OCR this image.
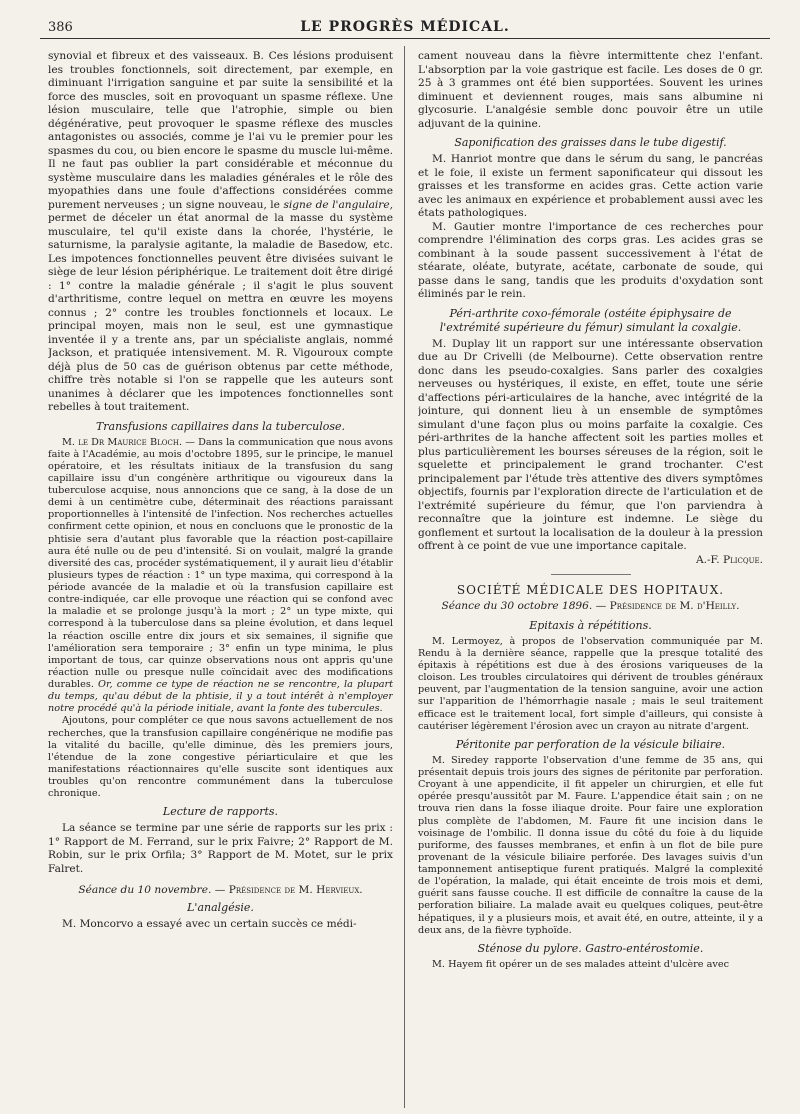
386	LE PROGRÈS MÉDICAL.

synovial et fibreux et des vaisseaux. B. Ces lésions produisent les troubles fonctionnels, soit directement, par exemple, en diminuant l'irrigation sanguine et par suite la sensibilité et la force des muscles, soit en provoquant un spasme réflexe. Une lésion musculaire, telle que l'atrophie, simple ou bien dégénérative, peut provoquer le spasme réflexe des muscles antagonistes ou associés, comme je l'ai vu le premier pour les spasmes du cou, ou bien encore le spasme du muscle lui-même. Il ne faut pas oublier la part considérable et méconnue du système musculaire dans les maladies générales et le rôle des myopathies dans une foule d'affections considérées comme purement nerveuses ; un signe nouveau, le signe de l'angulaire, permet de déceler un état anormal de la masse du système musculaire, tel qu'il existe dans la chorée, l'hystérie, le saturnisme, la paralysie agitante, la maladie de Basedow, etc. Les impotences fonctionnelles peuvent être divisées suivant le siège de leur lésion périphérique. Le traitement doit être dirigé : 1° contre la maladie générale ; il s'agit le plus souvent d'arthritisme, contre lequel on mettra en œuvre les moyens connus ; 2° contre les troubles fonctionnels et locaux. Le principal moyen, mais non le seul, est une gymnastique inventée il y a trente ans, par un spécialiste anglais, nommé Jackson, et pratiquée intensivement. M. R. Vigouroux compte déjà plus de 50 cas de guérison obtenus par cette méthode, chiffre très notable si l'on se rappelle que les auteurs sont unanimes à déclarer que les impotences fonctionnelles sont rebelles à tout traitement.

Transfusions capillaires dans la tuberculose.

M. le Dr Maurice Bloch. — Dans la communication que nous avons faite à l'Académie, au mois d'octobre 1895, sur le principe, le manuel opératoire, et les résultats initiaux de la transfusion du sang capillaire issu d'un congénère arthritique ou vigoureux dans la tuberculose acquise, nous annoncions que ce sang, à la dose de un demi à un centimètre cube, déterminait des réactions paraissant proportionnelles à l'intensité de l'infection. Nos recherches actuelles confirment cette opinion, et nous en concluons que le pronostic de la phtisie sera d'autant plus favorable que la réaction post-capillaire aura été nulle ou de peu d'intensité. Si on voulait, malgré la grande diversité des cas, procéder systématiquement, il y aurait lieu d'établir plusieurs types de réaction : 1° un type maxima, qui correspond à la période avancée de la maladie et où la transfusion capillaire est contre-indiquée, car elle provoque une réaction qui se confond avec la maladie et se prolonge jusqu'à la mort ; 2° un type mixte, qui correspond à la tuberculose dans sa pleine évolution, et dans lequel la réaction oscille entre dix jours et six semaines, il signifie que l'amélioration sera temporaire ; 3° enfin un type minima, le plus important de tous, car quinze observations nous ont appris qu'une réaction nulle ou presque nulle coïncidait avec des modifications durables. Or, comme ce type de réaction ne se rencontre, la plupart du temps, qu'au début de la phtisie, il y a tout intérêt à n'employer notre procédé qu'à la période initiale, avant la fonte des tubercules.

Ajoutons, pour compléter ce que nous savons actuellement de nos recherches, que la transfusion capillaire congénérique ne modifie pas la vitalité du bacille, qu'elle diminue, dès les premiers jours, l'étendue de la zone congestive périarticulaire et que les manifestations réactionnaires qu'elle suscite sont identiques aux troubles qu'on rencontre communément dans la tuberculose chronique.

Lecture de rapports.

La séance se termine par une série de rapports sur les prix : 1° Rapport de M. Ferrand, sur le prix Faivre; 2° Rapport de M. Robin, sur le prix Orfila; 3° Rapport de M. Motet, sur le prix Falret.

Séance du 10 novembre. — Présidence de M. Hervieux.
L'analgésie.

M. Moncorvo a essayé avec un certain succès ce médi-

cament nouveau dans la fièvre intermittente chez l'enfant. L'absorption par la voie gastrique est facile. Les doses de 0 gr. 25 à 3 grammes ont été bien supportées. Souvent les urines diminuent et deviennent rouges, mais sans albumine ni glycosurie. L'analgésie semble donc pouvoir être un utile adjuvant de la quinine.

Saponification des graisses dans le tube digestif.

M. Hanriot montre que dans le sérum du sang, le pancréas et le foie, il existe un ferment saponificateur qui dissout les graisses et les transforme en acides gras. Cette action varie avec les animaux en expérience et probablement aussi avec les états pathologiques.

M. Gautier montre l'importance de ces recherches pour comprendre l'élimination des corps gras. Les acides gras se combinant à la soude passent successivement à l'état de stéarate, oléate, butyrate, acétate, carbonate de soude, qui passe dans le sang, tandis que les produits d'oxydation sont éliminés par le rein.

Péri-arthrite coxo-fémorale (ostéite épiphysaire de l'extrémité supérieure du fémur) simulant la coxalgie.

M. Duplay lit un rapport sur une intéressante observation due au Dr Crivelli (de Melbourne). Cette observation rentre donc dans les pseudo-coxalgies. Sans parler des coxalgies nerveuses ou hystériques, il existe, en effet, toute une série d'affections péri-articulaires de la hanche, avec intégrité de la jointure, qui donnent lieu à un ensemble de symptômes simulant d'une façon plus ou moins parfaite la coxalgie. Ces péri-arthrites de la hanche affectent soit les parties molles et plus particulièrement les bourses séreuses de la région, soit le squelette et principalement le grand trochanter. C'est principalement par l'étude très attentive des divers symptômes objectifs, fournis par l'exploration directe de l'articulation et de l'extrémité supérieure du fémur, que l'on parviendra à reconnaître que la jointure est indemne. Le siège du gonflement et surtout la localisation de la douleur à la pression offrent à ce point de vue une importance capitale.

A.-F. Plicque.
SOCIÉTÉ MÉDICALE DES HOPITAUX.
Séance du 30 octobre 1896. — Présidence de M. d'Heilly.
Epitaxis à répétitions.

M. Lermoyez, à propos de l'observation communiquée par M. Rendu à la dernière séance, rappelle que la presque totalité des épitaxis à répétitions est due à des érosions variqueuses de la cloison. Les troubles circulatoires qui dérivent de troubles généraux peuvent, par l'augmentation de la tension sanguine, avoir une action sur l'apparition de l'hémorrhagie nasale ; mais le seul traitement efficace est le traitement local, fort simple d'ailleurs, qui consiste à cautériser légèrement l'érosion avec un crayon au nitrate d'argent.

Péritonite par perforation de la vésicule biliaire.

M. Siredey rapporte l'observation d'une femme de 35 ans, qui présentait depuis trois jours des signes de péritonite par perforation. Croyant à une appendicite, il fit appeler un chirurgien, et elle fut opérée presqu'aussitôt par M. Faure. L'appendice était sain ; on ne trouva rien dans la fosse iliaque droite. Pour faire une exploration plus complète de l'abdomen, M. Faure fit une incision dans le voisinage de l'ombilic. Il donna issue du côté du foie à du liquide puriforme, des fausses membranes, et enfin à un flot de bile pure provenant de la vésicule biliaire perforée. Des lavages suivis d'un tamponnement antiseptique furent pratiqués. Malgré la complexité de l'opération, la malade, qui était enceinte de trois mois et demi, guérit sans fausse couche. Il est difficile de connaître la cause de la perforation biliaire. La malade avait eu quelques coliques, peut-être hépatiques, il y a plusieurs mois, et avait été, en outre, atteinte, il y a deux ans, de la fièvre typhoïde.

Sténose du pylore. Gastro-entérostomie.

M. Hayem fit opérer un de ses malades atteint d'ulcère avec
